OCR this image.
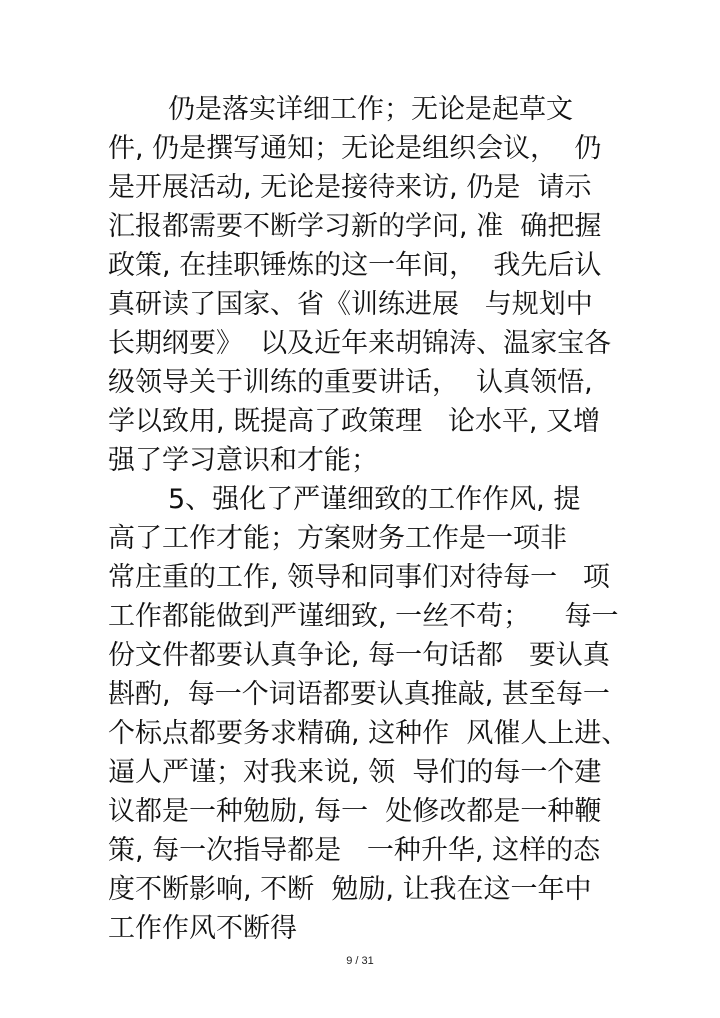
仍是落实详细工作；无论是起草文
件, 仍是撰写通知；无论是组织会议，  仍
是开展活动, 无论是接待来访, 仍是  请示
汇报都需要不断学习新的学问, 准  确把握
政策, 在挂职锤炼的这一年间，  我先后认
真研读了国家、省《训练进展   与规划中
长期纲要》  以及近年来胡锦涛、温家宝各
级领导关于训练的重要讲话，  认真领悟,
学以致用, 既提高了政策理   论水平, 又增
强了学习意识和才能；
5、强化了严谨细致的工作作风, 提
高了工作才能；方案财务工作是一项非
常庄重的工作, 领导和同事们对待每一   项
工作都能做到严谨细致, 一丝不苟；    每一
份文件都要认真争论, 每一句话都   要认真
斟酌,  每一个词语都要认真推敲, 甚至每一
个标点都要务求精确, 这种作  风催人上进、
逼人严谨；对我来说, 领  导们的每一个建
议都是一种勉励, 每一  处修改都是一种鞭
策, 每一次指导都是   一种升华, 这样的态
度不断影响, 不断  勉励, 让我在这一年中
工作作风不断得
9 / 31
